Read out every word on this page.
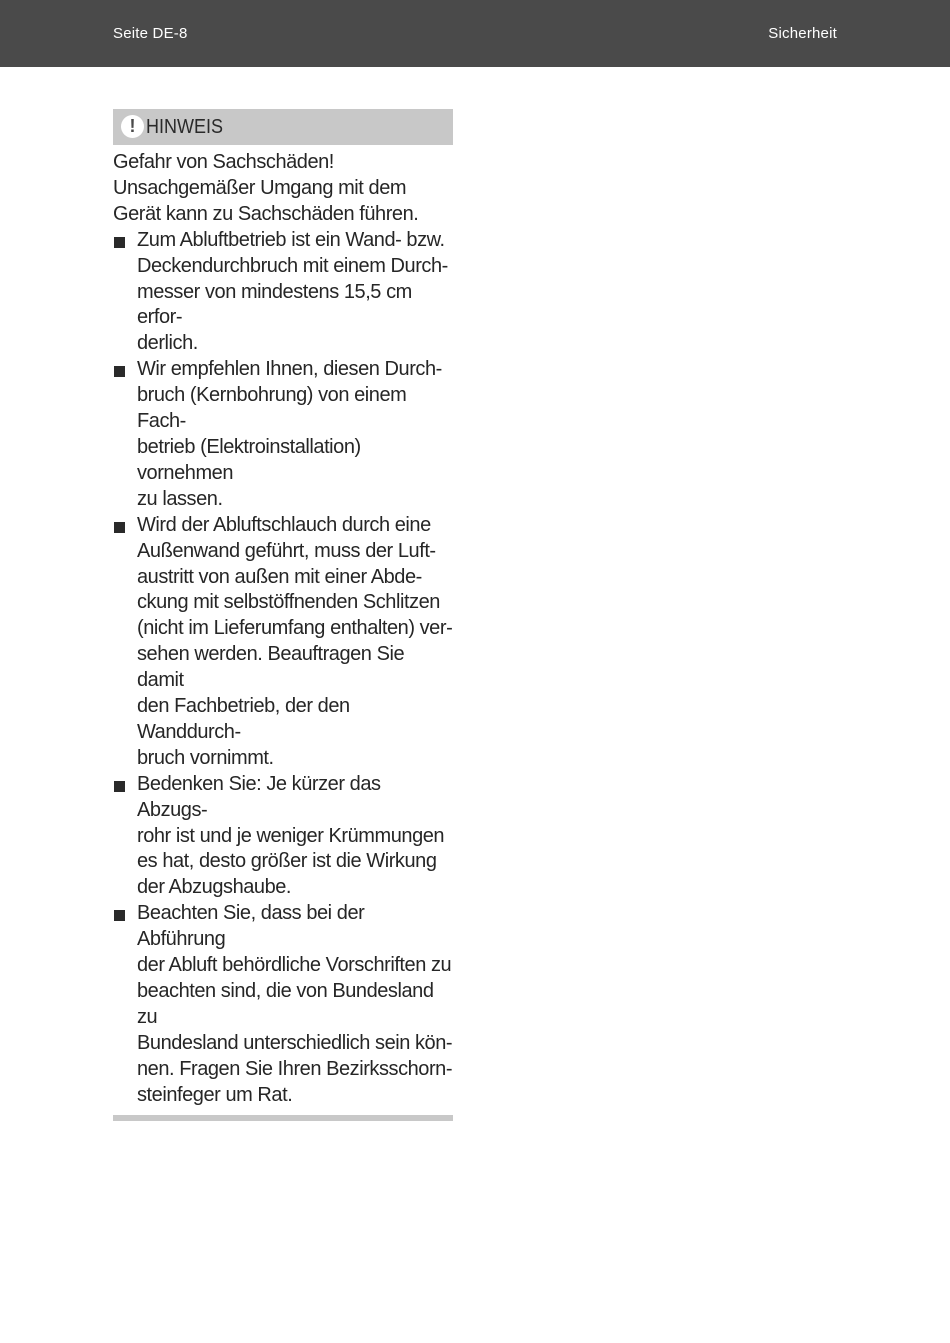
Seite DE-8	Sicherheit
! HINWEIS

Gefahr von Sachschäden!

Unsachgemäßer Umgang mit dem Gerät kann zu Sachschäden führen.

Zum Abluftbetrieb ist ein Wand- bzw.
Deckendurchbruch mit einem Durch-
messer von mindestens 15,5 cm erfor-
derlich.
Wir empfehlen Ihnen, diesen Durch-
bruch (Kernbohrung) von einem Fach-
betrieb (Elektroinstallation) vornehmen
zu lassen.
Wird der Abluftschlauch durch eine
Außenwand geführt, muss der Luft-
austritt von außen mit einer Abde-
ckung mit selbstöffnenden Schlitzen
(nicht im Lieferumfang enthalten) ver-
sehen werden. Beauftragen Sie damit
den Fachbetrieb, der den Wanddurch-
bruch vornimmt.
Bedenken Sie: Je kürzer das Abzugs-
rohr ist und je weniger Krümmungen
es hat, desto größer ist die Wirkung
der Abzugshaube.
Beachten Sie, dass bei der Abführung
der Abluft behördliche Vorschriften zu
beachten sind, die von Bundesland zu
Bundesland unterschiedlich sein kön-
nen. Fragen Sie Ihren Bezirksschorn-
steinfeger um Rat.
